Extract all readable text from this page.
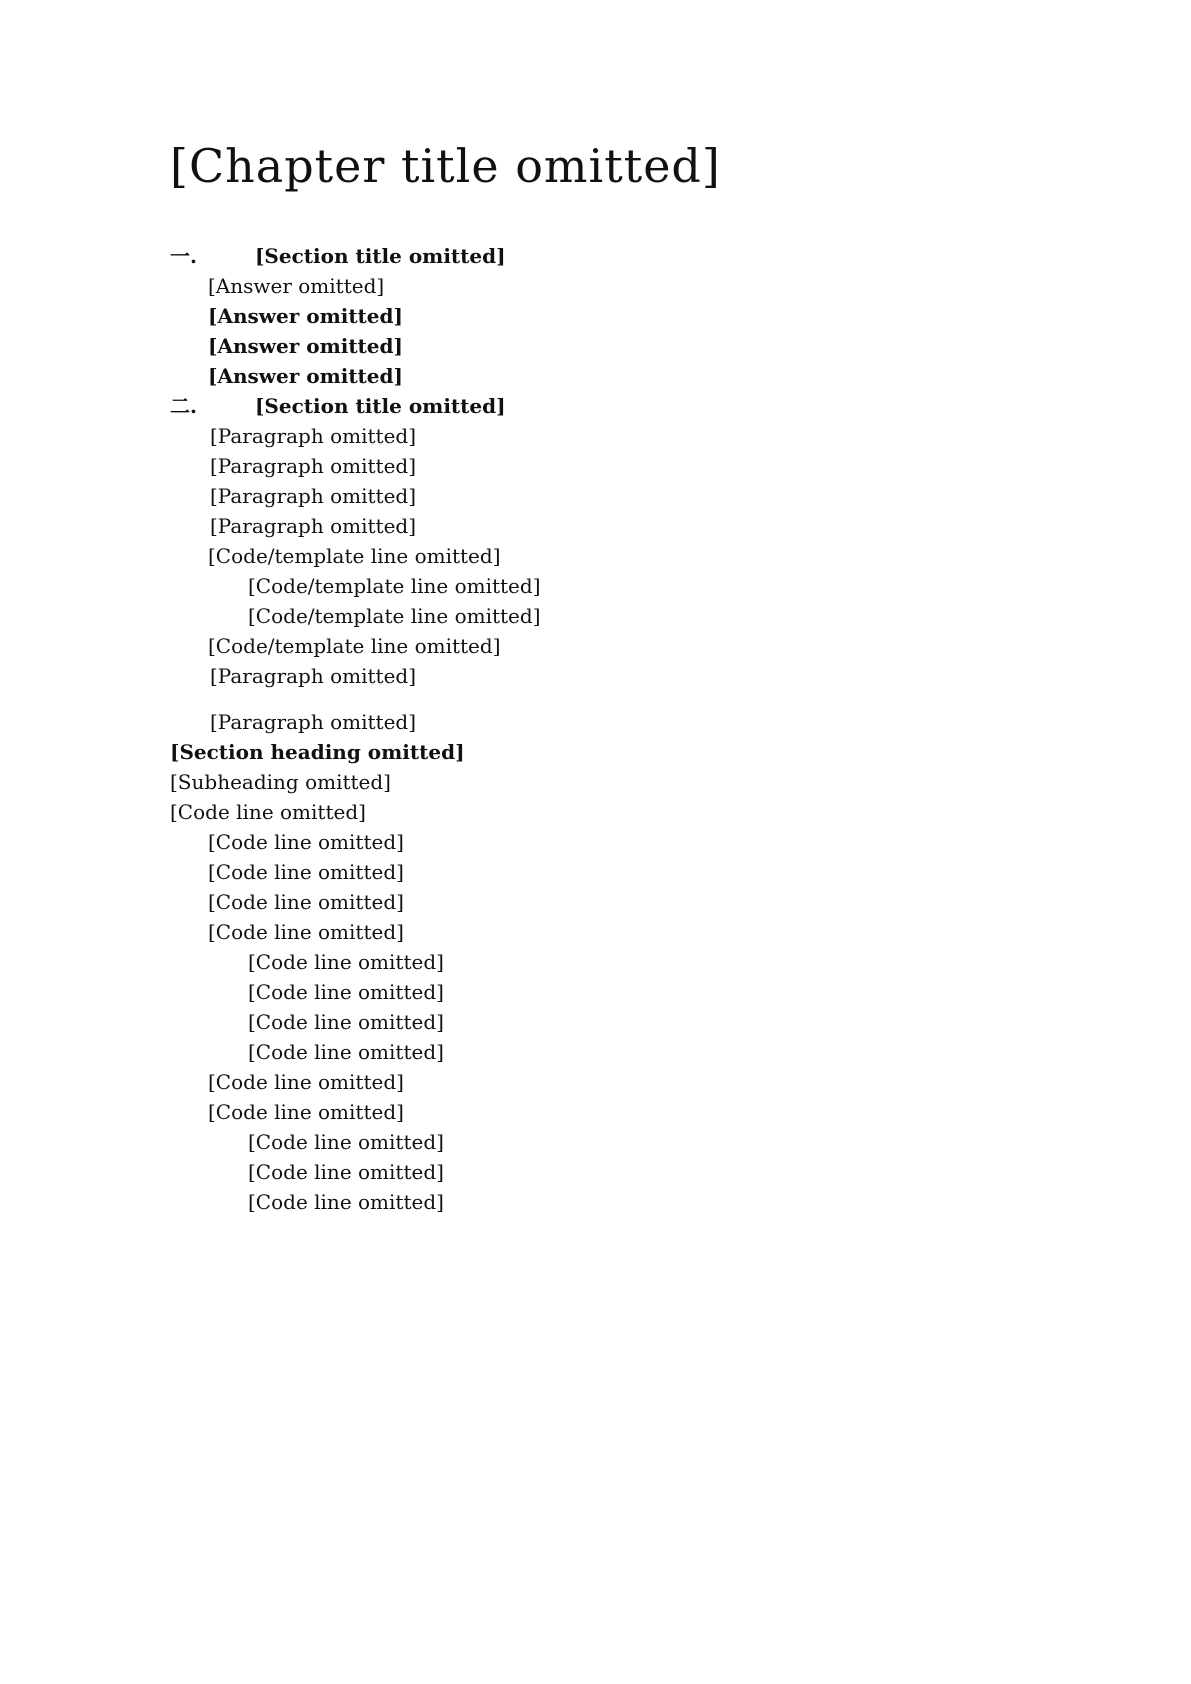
[Chapter title omitted]
一.	[Section title omitted]
[Answer omitted]
[Answer omitted]
[Answer omitted]
[Answer omitted]
二.	[Section title omitted]

[Paragraph omitted]

[Paragraph omitted]

[Paragraph omitted]

[Paragraph omitted]

[Code/template line omitted]
[Code/template line omitted]
[Code/template line omitted]
[Code/template line omitted]

[Paragraph omitted]

[Paragraph omitted]

[Section heading omitted]

[Subheading omitted]

[Code line omitted]
[Code line omitted]
[Code line omitted]
[Code line omitted]
[Code line omitted]
[Code line omitted]
[Code line omitted]
[Code line omitted]
[Code line omitted]
[Code line omitted]
[Code line omitted]
[Code line omitted]
[Code line omitted]
[Code line omitted]
